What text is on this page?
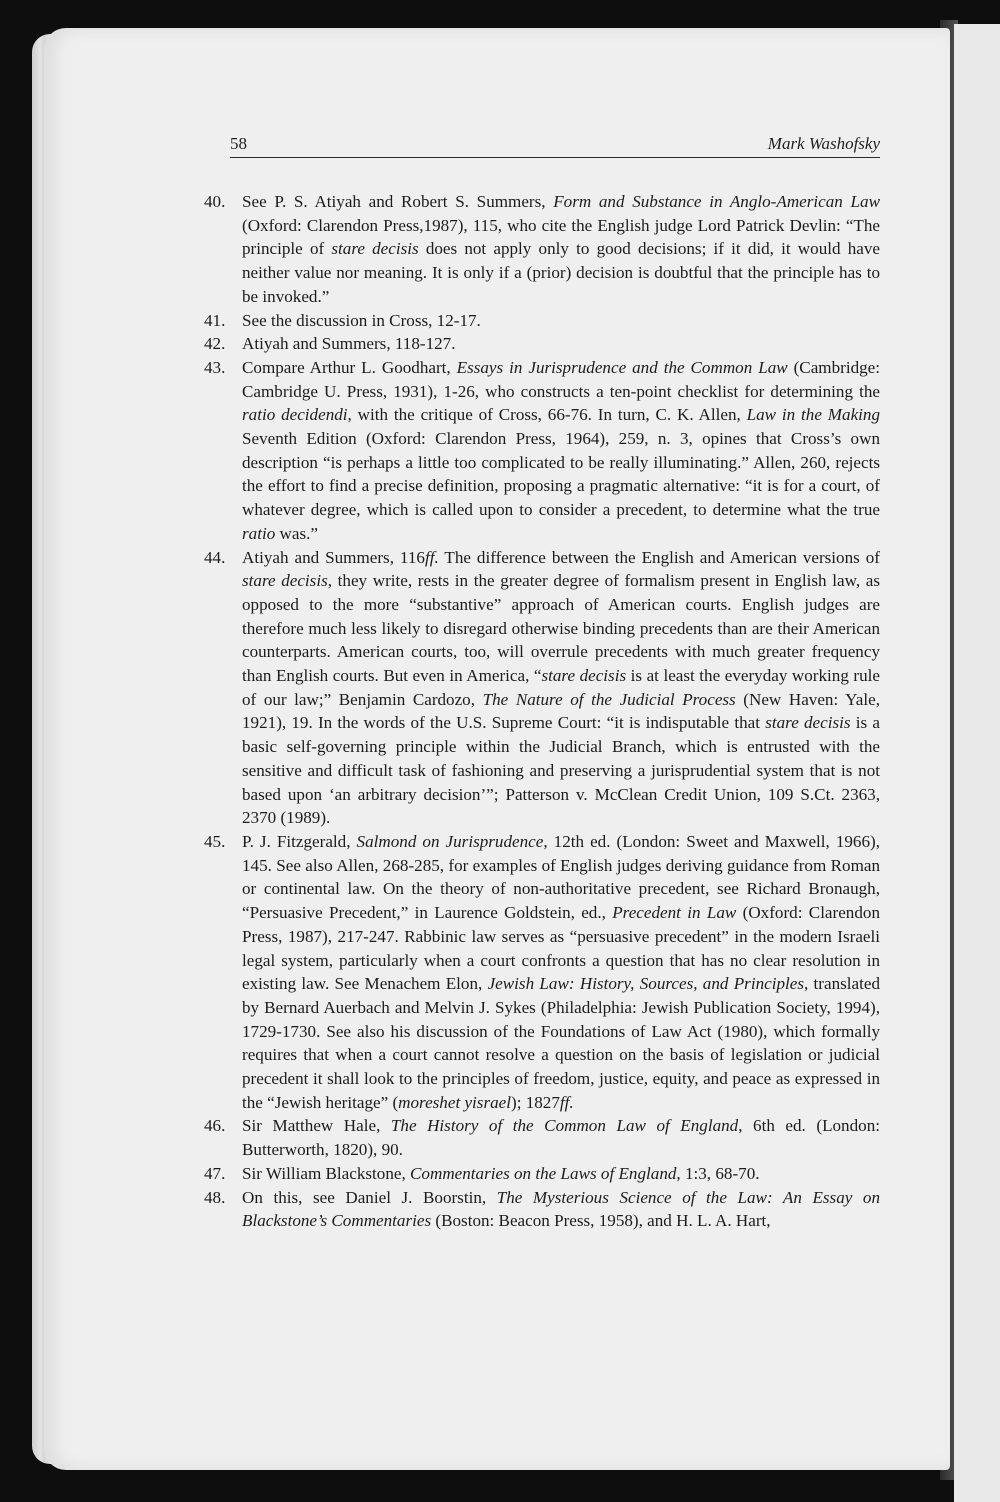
58	Mark Washofsky
40. See P. S. Atiyah and Robert S. Summers, Form and Substance in Anglo-American Law (Oxford: Clarendon Press,1987), 115, who cite the English judge Lord Patrick Devlin: “The principle of stare decisis does not apply only to good decisions; if it did, it would have neither value nor meaning. It is only if a (prior) decision is doubtful that the principle has to be invoked.”
41. See the discussion in Cross, 12-17.
42. Atiyah and Summers, 118-127.
43. Compare Arthur L. Goodhart, Essays in Jurisprudence and the Common Law (Cambridge: Cambridge U. Press, 1931), 1-26, who constructs a ten-point checklist for determining the ratio decidendi, with the critique of Cross, 66-76. In turn, C. K. Allen, Law in the Making Seventh Edition (Oxford: Clarendon Press, 1964), 259, n. 3, opines that Cross’s own description “is perhaps a little too complicated to be really illuminating.” Allen, 260, rejects the effort to find a precise definition, proposing a pragmatic alternative: “it is for a court, of whatever degree, which is called upon to consider a precedent, to determine what the true ratio was.”
44. Atiyah and Summers, 116ff. The difference between the English and American versions of stare decisis, they write, rests in the greater degree of formalism present in English law, as opposed to the more “substantive” approach of American courts. English judges are therefore much less likely to disregard otherwise binding precedents than are their American counterparts. American courts, too, will overrule precedents with much greater frequency than English courts. But even in America, “stare decisis is at least the everyday working rule of our law;” Benjamin Cardozo, The Nature of the Judicial Process (New Haven: Yale, 1921), 19. In the words of the U.S. Supreme Court: “it is indisputable that stare decisis is a basic self-governing principle within the Judicial Branch, which is entrusted with the sensitive and difficult task of fashioning and preserving a jurisprudential system that is not based upon ‘an arbitrary decision’”; Patterson v. McClean Credit Union, 109 S.Ct. 2363, 2370 (1989).
45. P. J. Fitzgerald, Salmond on Jurisprudence, 12th ed. (London: Sweet and Maxwell, 1966), 145. See also Allen, 268-285, for examples of English judges deriving guidance from Roman or continental law. On the theory of non-authoritative precedent, see Richard Bronaugh, “Persuasive Precedent,” in Laurence Goldstein, ed., Precedent in Law (Oxford: Clarendon Press, 1987), 217-247. Rabbinic law serves as “persuasive precedent” in the modern Israeli legal system, particularly when a court confronts a question that has no clear resolution in existing law. See Menachem Elon, Jewish Law: History, Sources, and Principles, translated by Bernard Auerbach and Melvin J. Sykes (Philadelphia: Jewish Publication Society, 1994), 1729-1730. See also his discussion of the Foundations of Law Act (1980), which formally requires that when a court cannot resolve a question on the basis of legislation or judicial precedent it shall look to the principles of freedom, justice, equity, and peace as expressed in the “Jewish heritage” (moreshet yisrael); 1827ff.
46. Sir Matthew Hale, The History of the Common Law of England, 6th ed. (London: Butterworth, 1820), 90.
47. Sir William Blackstone, Commentaries on the Laws of England, 1:3, 68-70.
48. On this, see Daniel J. Boorstin, The Mysterious Science of the Law: An Essay on Blackstone’s Commentaries (Boston: Beacon Press, 1958), and H. L. A. Hart,
